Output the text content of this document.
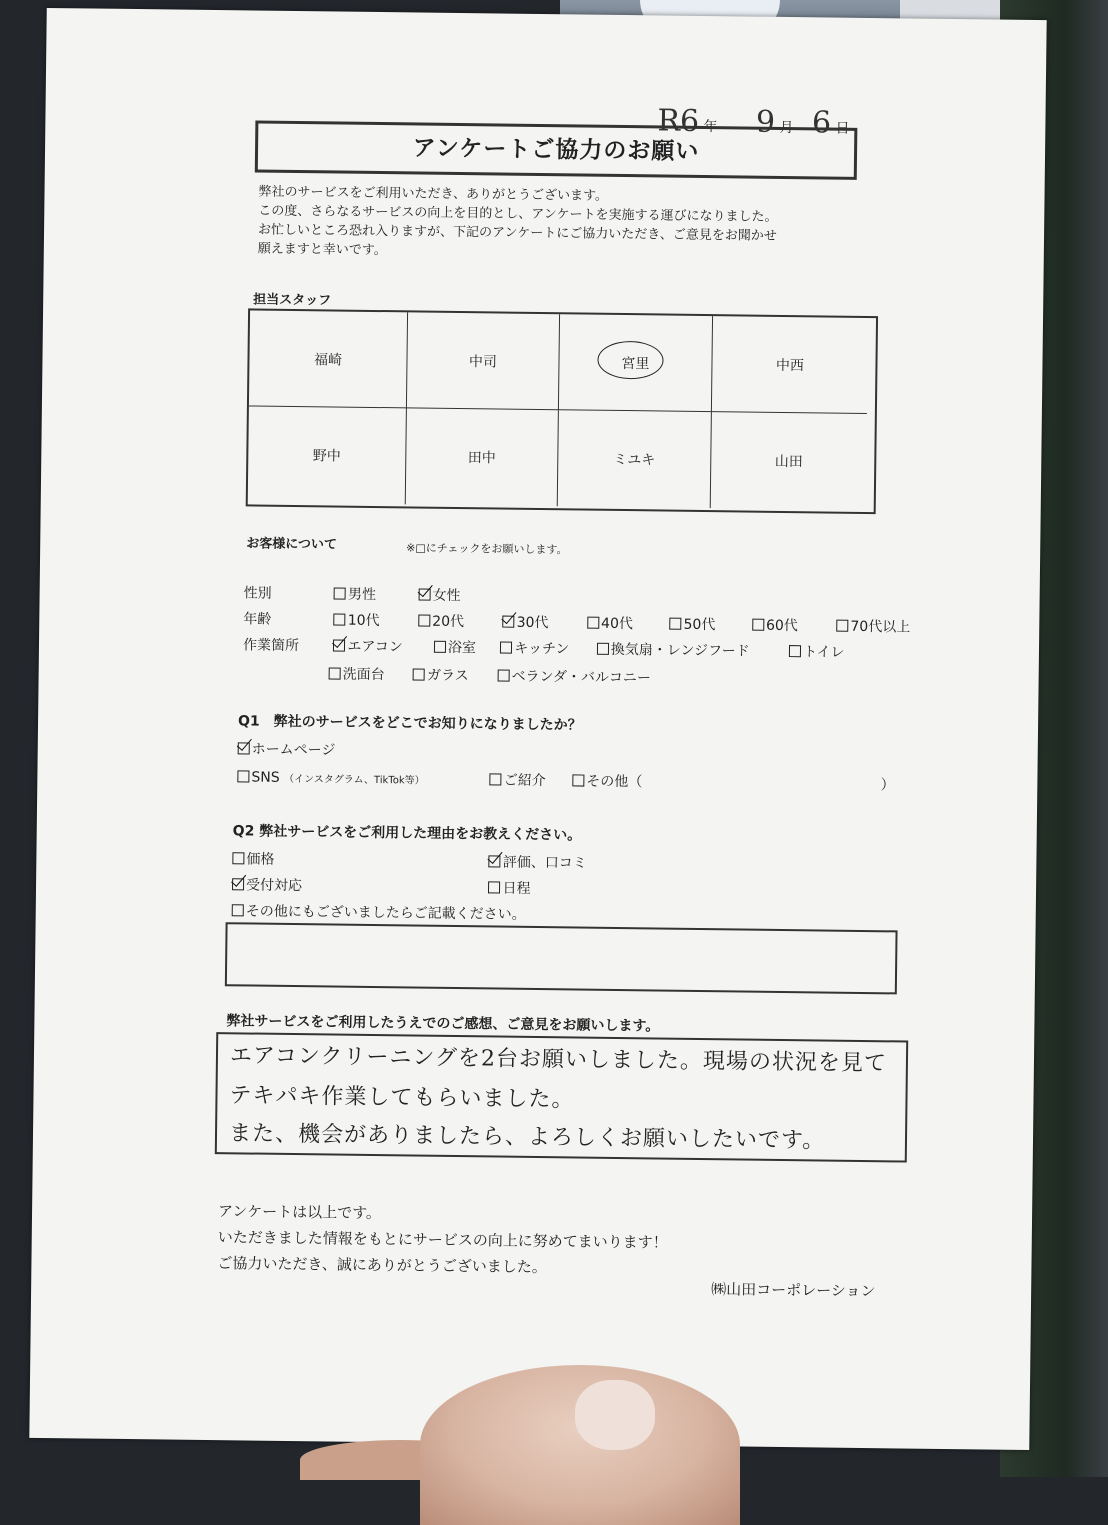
R6 年 9 月 6 日
アンケートご協力のお願い
弊社のサービスをご利用いただき、ありがとうございます。
この度、さらなるサービスの向上を目的とし、アンケートを実施する運びになりました。
お忙しいところ恐れ入りますが、下記のアンケートにご協力いただき、ご意見をお聞かせ
願えますと幸いです。
担当スタッフ
福崎	中司	宮里	中西
野中	田中	ミユキ	山田
お客様について	※□にチェックをお願いします。
性別	男性	女性
年齢	10代	20代	30代	40代	50代	60代	70代以上
作業箇所	エアコン	浴室	キッチン	換気扇・レンジフード	トイレ
洗面台	ガラス	ベランダ・バルコニー
Q1　弊社のサービスをどこでお知りになりましたか？
ホームページ
SNS （インスタグラム、TikTok等）	ご紹介	その他（	）
Q2 弊社サービスをご利用した理由をお教えください。
価格	評価、口コミ
受付対応	日程
その他にもございましたらご記載ください。
弊社サービスをご利用したうえでのご感想、ご意見をお願いします。
エアコンクリーニングを2台お願いしました。現場の状況を見て
テキパキ作業してもらいました。
また、機会がありましたら、よろしくお願いしたいです。
アンケートは以上です。
いただきました情報をもとにサービスの向上に努めてまいります！
ご協力いただき、誠にありがとうございました。
㈱山田コーポレーション
